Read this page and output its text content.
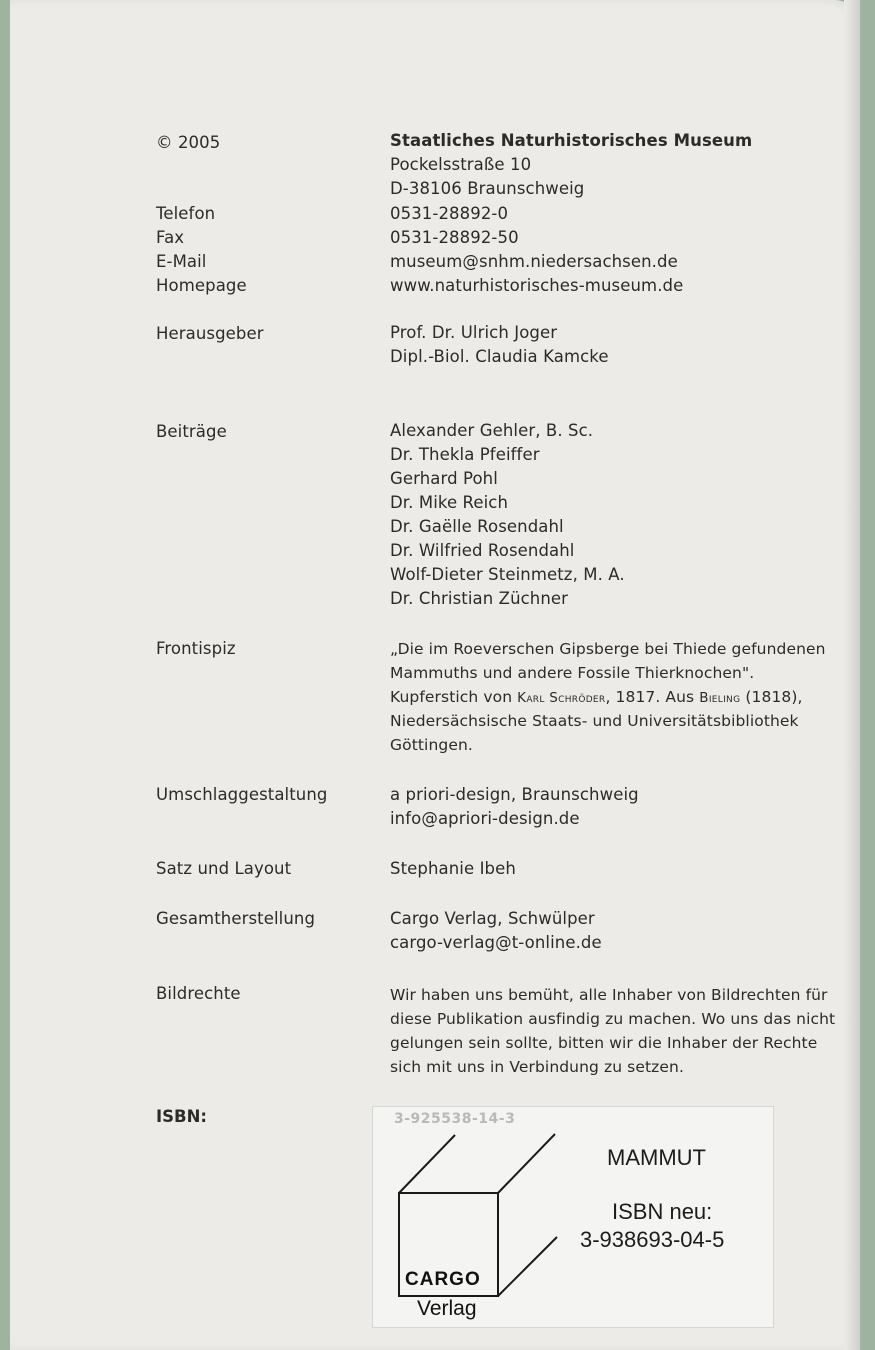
© 2005	Staatliches Naturhistorisches Museum
Pockelsstraße 10
D-38106 Braunschweig
Telefon	0531-28892-0
Fax	0531-28892-50
E-Mail	museum@snhm.niedersachsen.de
Homepage	www.naturhistorisches-museum.de
Herausgeber	Prof. Dr. Ulrich Joger
Dipl.-Biol. Claudia Kamcke
Beiträge	Alexander Gehler, B. Sc.
Dr. Thekla Pfeiffer
Gerhard Pohl
Dr. Mike Reich
Dr. Gaëlle Rosendahl
Dr. Wilfried Rosendahl
Wolf-Dieter Steinmetz, M. A.
Dr. Christian Züchner
Frontispiz	„Die im Roeverschen Gipsberge bei Thiede gefundenen
Mammuths und andere Fossile Thierknochen".
Kupferstich von Karl Schröder, 1817. Aus Bieling (1818),
Niedersächsische Staats- und Universitätsbibliothek
Göttingen.
Umschlaggestaltung	a priori-design, Braunschweig
info@apriori-design.de
Satz und Layout	Stephanie Ibeh
Gesamtherstellung	Cargo Verlag, Schwülper
cargo-verlag@t-online.de
Bildrechte	Wir haben uns bemüht, alle Inhaber von Bildrechten für
diese Publikation ausfindig zu machen. Wo uns das nicht
gelungen sein sollte, bitten wir die Inhaber der Rechte
sich mit uns in Verbindung zu setzen.
ISBN:	3-925538-14-3
CARGO
Verlag
MAMMUT
ISBN neu:
3-938693-04-5
